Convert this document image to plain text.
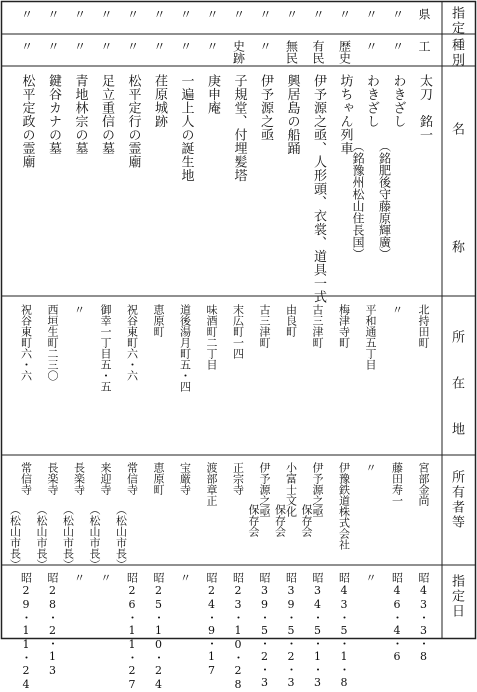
指定
種別
名
称
所
在
地
所有者等
指定日
県
工
太刀　銘一
北持田町
宮部金尚
昭43・3・8
〃
〃
わきざし
（銘肥後守藤原輝廣）
〃
藤田寿一
昭46・4・6
〃
〃
わきざし
（銘豫州松山住長国）
平和通五丁目
〃
〃
〃
歴史
坊ちゃん列車
梅津寺町
伊豫鉄道株式会社
昭43・5・1・8
〃
有民
伊予源之亟、人形頭、衣裳、道具一式
古三津町
伊予源之亟
保存会
昭34・5・1・3
〃
無民
興居島の船踊
由良町
小富士文化
保存会
昭39・5・2・3
〃
〃
伊予源之亟
古三津町
伊予源之亟
保存会
昭39・5・2・3
〃
史跡
子規堂、付埋髪塔
末広町一四
正宗寺
昭23・10・28
〃
〃
庚申庵
味酒町二丁目
渡部章正
昭24・9・17
〃
〃
一遍上人の誕生地
道後湯月町五・四
宝厳寺
〃
〃
〃
荏原城跡
恵原町
恵原町
昭25・10・24
〃
〃
松平定行の霊廟
祝谷東町六・六
常信寺
（松山市長）
昭26・11・27
〃
〃
足立重信の墓
御幸一丁目五・五
来迎寺
（松山市長）
〃
〃
〃
青地林宗の墓
〃
長楽寺
（松山市長）
〃
〃
〃
鍵谷カナの墓
西垣生町二三〇
長楽寺
（松山市長）
昭28・2・13
〃
〃
松平定政の霊廟
祝谷東町六・六
常信寺
（松山市長）
昭29・11・24
